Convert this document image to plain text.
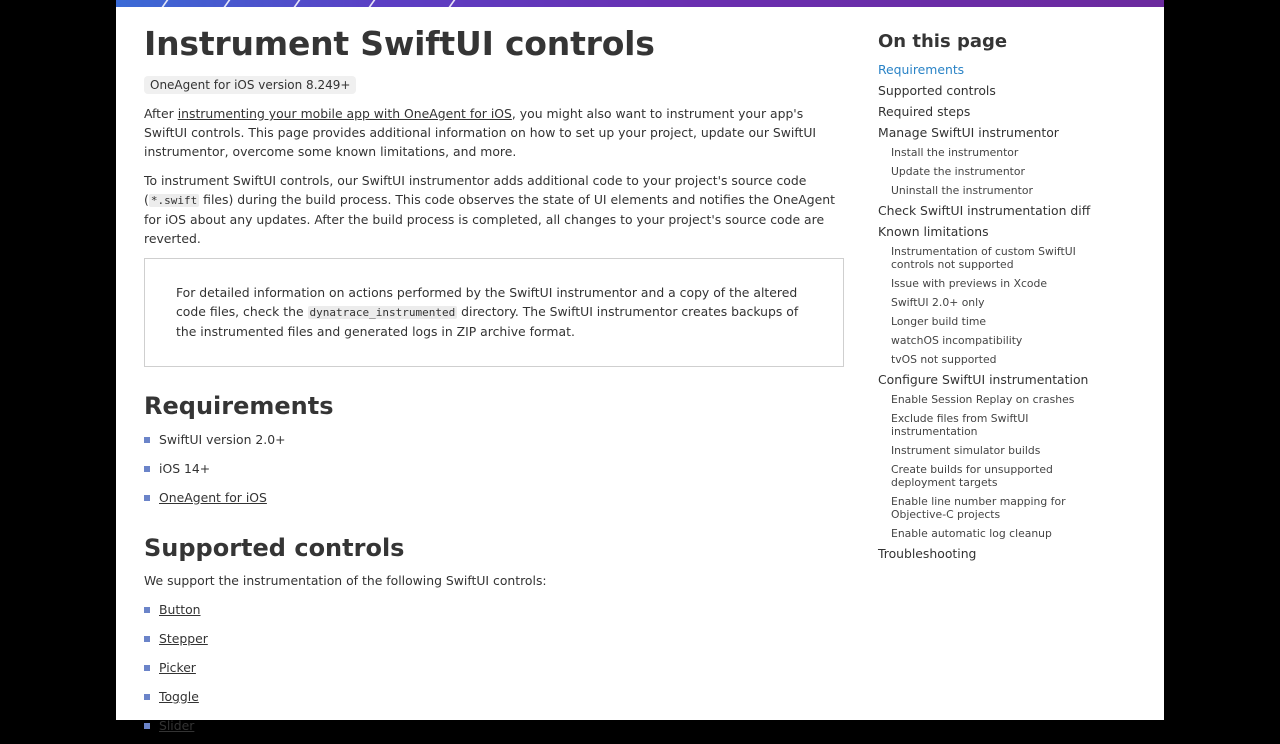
Instrument SwiftUI controls
OneAgent for iOS version 8.249+

After instrumenting your mobile app with OneAgent for iOS, you might also want to instrument your app's SwiftUI controls. This page provides additional information on how to set up your project, update our SwiftUI instrumentor, overcome some known limitations, and more.

To instrument SwiftUI controls, our SwiftUI instrumentor adds additional code to your project's source code ( *.swift files) during the build process. This code observes the state of UI elements and notifies the OneAgent for iOS about any updates. After the build process is completed, all changes to your project's source code are reverted.

For detailed information on actions performed by the SwiftUI instrumentor and a copy of the altered code files, check the dynatrace_instrumented directory. The SwiftUI instrumentor creates backups of the instrumented files and generated logs in ZIP archive format.
Requirements
SwiftUI version 2.0+
iOS 14+
OneAgent for iOS
Supported controls

We support the instrumentation of the following SwiftUI controls:

Button
Stepper
Picker
Toggle
Slider
On this page
Requirements
Supported controls
Required steps
Manage SwiftUI instrumentor
Install the instrumentor
Update the instrumentor
Uninstall the instrumentor
Check SwiftUI instrumentation diff
Known limitations
Instrumentation of custom SwiftUI controls not supported
Issue with previews in Xcode
SwiftUI 2.0+ only
Longer build time
watchOS incompatibility
tvOS not supported
Configure SwiftUI instrumentation
Enable Session Replay on crashes
Exclude files from SwiftUI instrumentation
Instrument simulator builds
Create builds for unsupported deployment targets
Enable line number mapping for Objective-C projects
Enable automatic log cleanup
Troubleshooting
